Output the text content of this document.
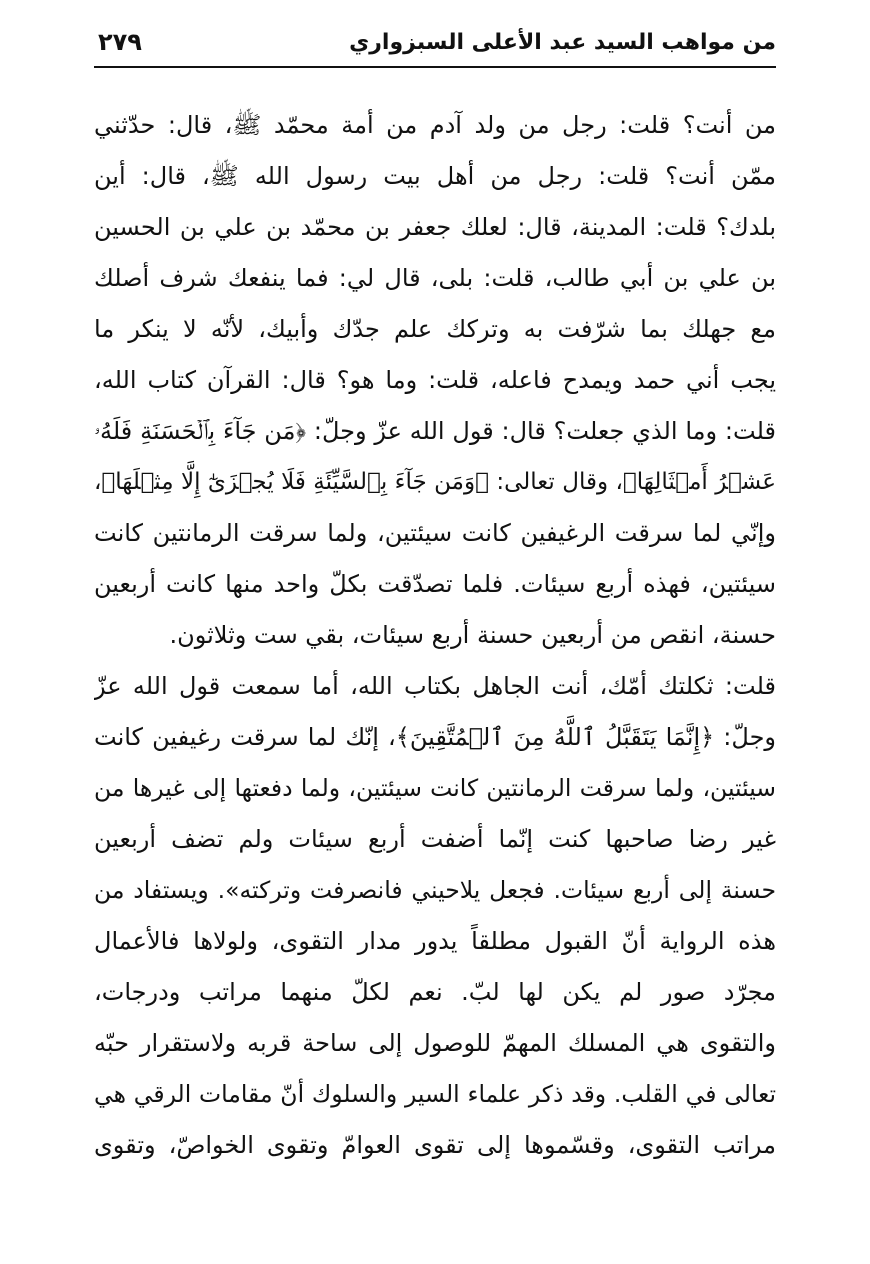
من مواهب السيد عبد الأعلى السبزواري
٢٧٩
من أنت؟ قلت: رجل من ولد آدم من أمة محمّد ﷺ، قال: حدّثني
ممّن أنت؟ قلت: رجل من أهل بيت رسول الله ﷺ، قال: أين
بلدك؟ قلت: المدينة، قال: لعلك جعفر بن محمّد بن علي بن الحسين
بن علي بن أبي طالب، قلت: بلى، قال لي: فما ينفعك شرف أصلك
مع جهلك بما شرّفت به وتركك علم جدّك وأبيك، لأنّه لا ينكر ما
يجب أني حمد ويمدح فاعله، قلت: وما هو؟ قال: القرآن كتاب الله،
قلت: وما الذي جعلت؟ قال: قول الله عزّ وجلّ: ﴿مَن جَآءَ بِٱلۡحَسَنَةِ فَلَهُۥ
عَشۡرُ أَمۡثَالِهَا﴾، وقال تعالى: ﴿وَمَن جَآءَ بِٱلسَّيِّئَةِ فَلَا يُجۡزَىٰٓ إِلَّا مِثۡلَهَا﴾،
وإنّي لما سرقت الرغيفين كانت سيئتين، ولما سرقت الرمانتين كانت
سيئتين، فهذه أربع سيئات. فلما تصدّقت بكلّ واحد منها كانت أربعين
حسنة، انقص من أربعين حسنة أربع سيئات، بقي ست وثلاثون.
قلت: ثكلتك أمّك، أنت الجاهل بكتاب الله، أما سمعت قول الله عزّ
وجلّ: ﴿إِنَّمَا يَتَقَبَّلُ ٱللَّهُ مِنَ ٱلۡمُتَّقِينَ﴾، إنّك لما سرقت رغيفين كانت
سيئتين، ولما سرقت الرمانتين كانت سيئتين، ولما دفعتها إلى غيرها من
غير رضا صاحبها كنت إنّما أضفت أربع سيئات ولم تضف أربعين
حسنة إلى أربع سيئات. فجعل يلاحيني فانصرفت وتركته». ويستفاد من
هذه الرواية أنّ القبول مطلقاً يدور مدار التقوى، ولولاها فالأعمال
مجرّد صور لم يكن لها لبّ. نعم لكلّ منهما مراتب ودرجات،
والتقوى هي المسلك المهمّ للوصول إلى ساحة قربه ولاستقرار حبّه
تعالى في القلب. وقد ذكر علماء السير والسلوك أنّ مقامات الرقي هي
مراتب التقوى، وقسّموها إلى تقوى العوامّ وتقوى الخواصّ، وتقوى
